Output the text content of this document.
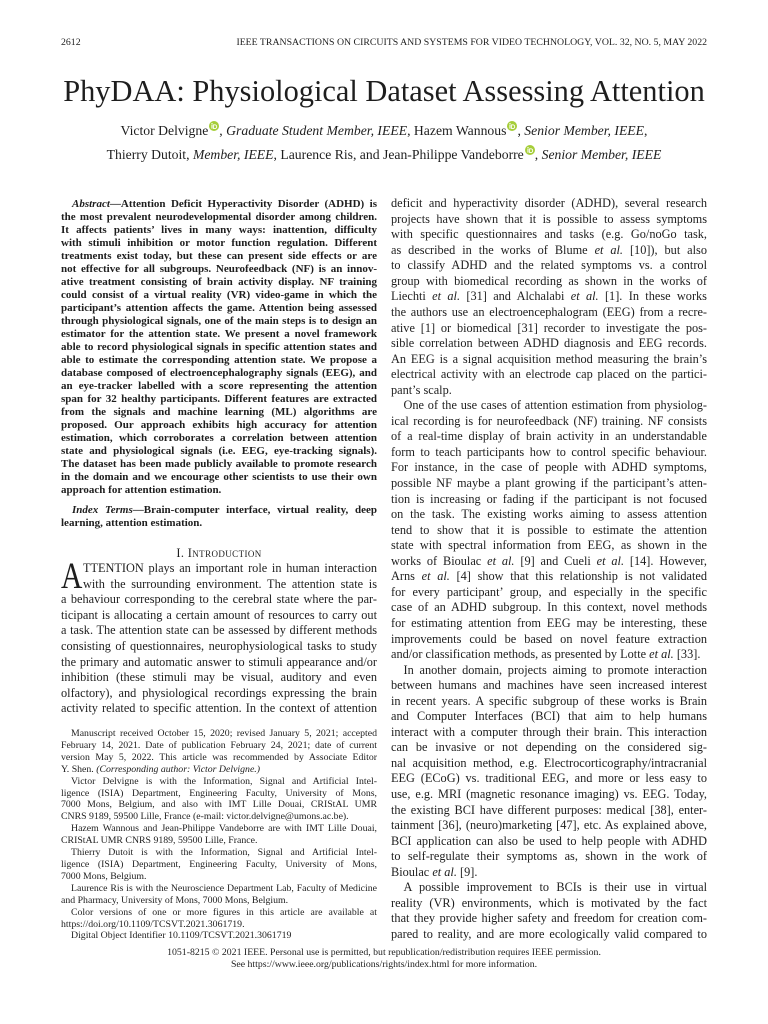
2612	IEEE TRANSACTIONS ON CIRCUITS AND SYSTEMS FOR VIDEO TECHNOLOGY, VOL. 32, NO. 5, MAY 2022
PhyDAA: Physiological Dataset Assessing Attention
Victor Delvigne , Graduate Student Member, IEEE, Hazem Wannous , Senior Member, IEEE,
Thierry Dutoit, Member, IEEE, Laurence Ris, and Jean-Philippe Vandeborre , Senior Member, IEEE
Abstract—Attention Deficit Hyperactivity Disorder (ADHD) is
the most prevalent neurodevelopmental disorder among children.
It affects patients’ lives in many ways: inattention, difficulty
with stimuli inhibition or motor function regulation. Different
treatments exist today, but these can present side effects or are
not effective for all subgroups. Neurofeedback (NF) is an innov-
ative treatment consisting of brain activity display. NF training
could consist of a virtual reality (VR) video-game in which the
participant’s attention affects the game. Attention being assessed
through physiological signals, one of the main steps is to design an
estimator for the attention state. We present a novel framework
able to record physiological signals in specific attention states and
able to estimate the corresponding attention state. We propose a
database composed of electroencephalography signals (EEG), and
an eye-tracker labelled with a score representing the attention
span for 32 healthy participants. Different features are extracted
from the signals and machine learning (ML) algorithms are
proposed. Our approach exhibits high accuracy for attention
estimation, which corroborates a correlation between attention
state and physiological signals (i.e. EEG, eye-tracking signals).
The dataset has been made publicly available to promote research
in the domain and we encourage other scientists to use their own
approach for attention estimation.
Index Terms—Brain-computer interface, virtual reality, deep
learning, attention estimation.
I. Introduction
A TTENTION plays an important role in human interaction
with the surrounding environment. The attention state is
a behaviour corresponding to the cerebral state where the par-
ticipant is allocating a certain amount of resources to carry out
a task. The attention state can be assessed by different methods
consisting of questionnaires, neurophysiological tasks to study
the primary and automatic answer to stimuli appearance and/or
inhibition (these stimuli may be visual, auditory and even
olfactory), and physiological recordings expressing the brain
activity related to specific attention. In the context of attention
Manuscript received October 15, 2020; revised January 5, 2021; accepted
February 14, 2021. Date of publication February 24, 2021; date of current
version May 5, 2022. This article was recommended by Associate Editor
Y. Shen. (Corresponding author: Victor Delvigne.)
Victor Delvigne is with the Information, Signal and Artificial Intel-
ligence (ISIA) Department, Engineering Faculty, University of Mons,
7000 Mons, Belgium, and also with IMT Lille Douai, CRIStAL UMR
CNRS 9189, 59500 Lille, France (e-mail: victor.delvigne@umons.ac.be).
Hazem Wannous and Jean-Philippe Vandeborre are with IMT Lille Douai,
CRIStAL UMR CNRS 9189, 59500 Lille, France.
Thierry Dutoit is with the Information, Signal and Artificial Intel-
ligence (ISIA) Department, Engineering Faculty, University of Mons,
7000 Mons, Belgium.
Laurence Ris is with the Neuroscience Department Lab, Faculty of Medicine
and Pharmacy, University of Mons, 7000 Mons, Belgium.
Color versions of one or more figures in this article are available at
https://doi.org/10.1109/TCSVT.2021.3061719.
Digital Object Identifier 10.1109/TCSVT.2021.3061719
deficit and hyperactivity disorder (ADHD), several research
projects have shown that it is possible to assess symptoms
with specific questionnaires and tasks (e.g. Go/noGo task,
as described in the works of Blume et al. [10]), but also
to classify ADHD and the related symptoms vs. a control
group with biomedical recording as shown in the works of
Liechti et al. [31] and Alchalabi et al. [1]. In these works
the authors use an electroencephalogram (EEG) from a recre-
ative [1] or biomedical [31] recorder to investigate the pos-
sible correlation between ADHD diagnosis and EEG records.
An EEG is a signal acquisition method measuring the brain’s
electrical activity with an electrode cap placed on the partici-
pant’s scalp.
One of the use cases of attention estimation from physiolog-
ical recording is for neurofeedback (NF) training. NF consists
of a real-time display of brain activity in an understandable
form to teach participants how to control specific behaviour.
For instance, in the case of people with ADHD symptoms,
possible NF maybe a plant growing if the participant’s atten-
tion is increasing or fading if the participant is not focused
on the task. The existing works aiming to assess attention
tend to show that it is possible to estimate the attention
state with spectral information from EEG, as shown in the
works of Bioulac et al. [9] and Cueli et al. [14]. However,
Arns et al. [4] show that this relationship is not validated
for every participant’ group, and especially in the specific
case of an ADHD subgroup. In this context, novel methods
for estimating attention from EEG may be interesting, these
improvements could be based on novel feature extraction
and/or classification methods, as presented by Lotte et al. [33].
In another domain, projects aiming to promote interaction
between humans and machines have seen increased interest
in recent years. A specific subgroup of these works is Brain
and Computer Interfaces (BCI) that aim to help humans
interact with a computer through their brain. This interaction
can be invasive or not depending on the considered sig-
nal acquisition method, e.g. Electrocorticography/intracranial
EEG (ECoG) vs. traditional EEG, and more or less easy to
use, e.g. MRI (magnetic resonance imaging) vs. EEG. Today,
the existing BCI have different purposes: medical [38], enter-
tainment [36], (neuro)marketing [47], etc. As explained above,
BCI application can also be used to help people with ADHD
to self-regulate their symptoms as, shown in the work of
Bioulac et al. [9].
A possible improvement to BCIs is their use in virtual
reality (VR) environments, which is motivated by the fact
that they provide higher safety and freedom for creation com-
pared to reality, and are more ecologically valid compared to
1051-8215 © 2021 IEEE. Personal use is permitted, but republication/redistribution requires IEEE permission.
See https://www.ieee.org/publications/rights/index.html for more information.
